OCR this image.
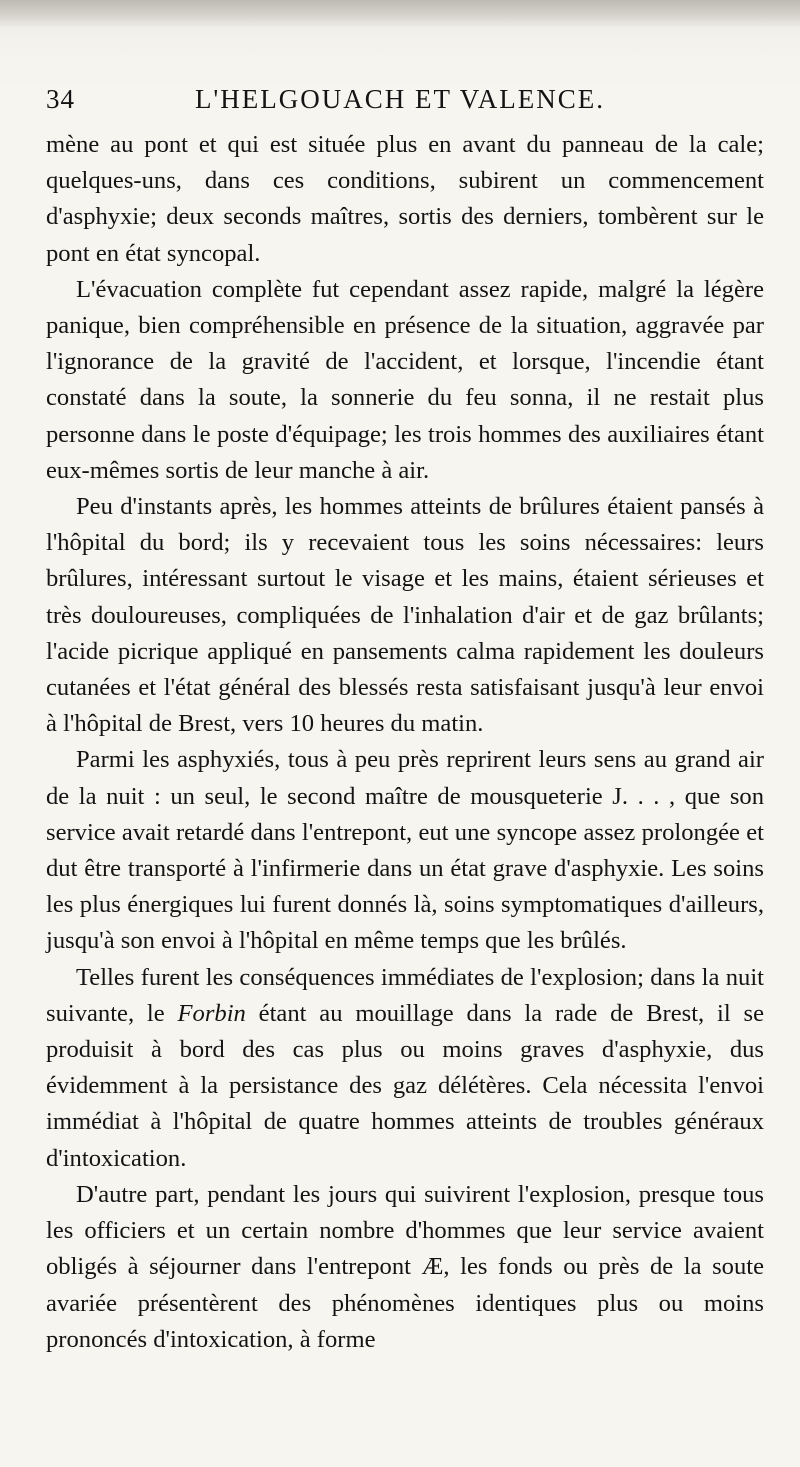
34	L'HELGOUACH ET VALENCE.

mène au pont et qui est située plus en avant du panneau de la cale; quelques-uns, dans ces conditions, subirent un commencement d'asphyxie; deux seconds maîtres, sortis des derniers, tombèrent sur le pont en état syncopal.

L'évacuation complète fut cependant assez rapide, malgré la légère panique, bien compréhensible en présence de la situation, aggravée par l'ignorance de la gravité de l'accident, et lorsque, l'incendie étant constaté dans la soute, la sonnerie du feu sonna, il ne restait plus personne dans le poste d'équipage; les trois hommes des auxiliaires étant eux-mêmes sortis de leur manche à air.

Peu d'instants après, les hommes atteints de brûlures étaient pansés à l'hôpital du bord; ils y recevaient tous les soins nécessaires: leurs brûlures, intéressant surtout le visage et les mains, étaient sérieuses et très douloureuses, compliquées de l'inhalation d'air et de gaz brûlants; l'acide picrique appliqué en pansements calma rapidement les douleurs cutanées et l'état général des blessés resta satisfaisant jusqu'à leur envoi à l'hôpital de Brest, vers 10 heures du matin.

Parmi les asphyxiés, tous à peu près reprirent leurs sens au grand air de la nuit : un seul, le second maître de mousqueterie J. . . , que son service avait retardé dans l'entrepont, eut une syncope assez prolongée et dut être transporté à l'infirmerie dans un état grave d'asphyxie. Les soins les plus énergiques lui furent donnés là, soins symptomatiques d'ailleurs, jusqu'à son envoi à l'hôpital en même temps que les brûlés.

Telles furent les conséquences immédiates de l'explosion; dans la nuit suivante, le Forbin étant au mouillage dans la rade de Brest, il se produisit à bord des cas plus ou moins graves d'asphyxie, dus évidemment à la persistance des gaz délétères. Cela nécessita l'envoi immédiat à l'hôpital de quatre hommes atteints de troubles généraux d'intoxication.

D'autre part, pendant les jours qui suivirent l'explosion, presque tous les officiers et un certain nombre d'hommes que leur service avaient obligés à séjourner dans l'entrepont Æ, les fonds ou près de la soute avariée présentèrent des phénomènes identiques plus ou moins prononcés d'intoxication, à forme
